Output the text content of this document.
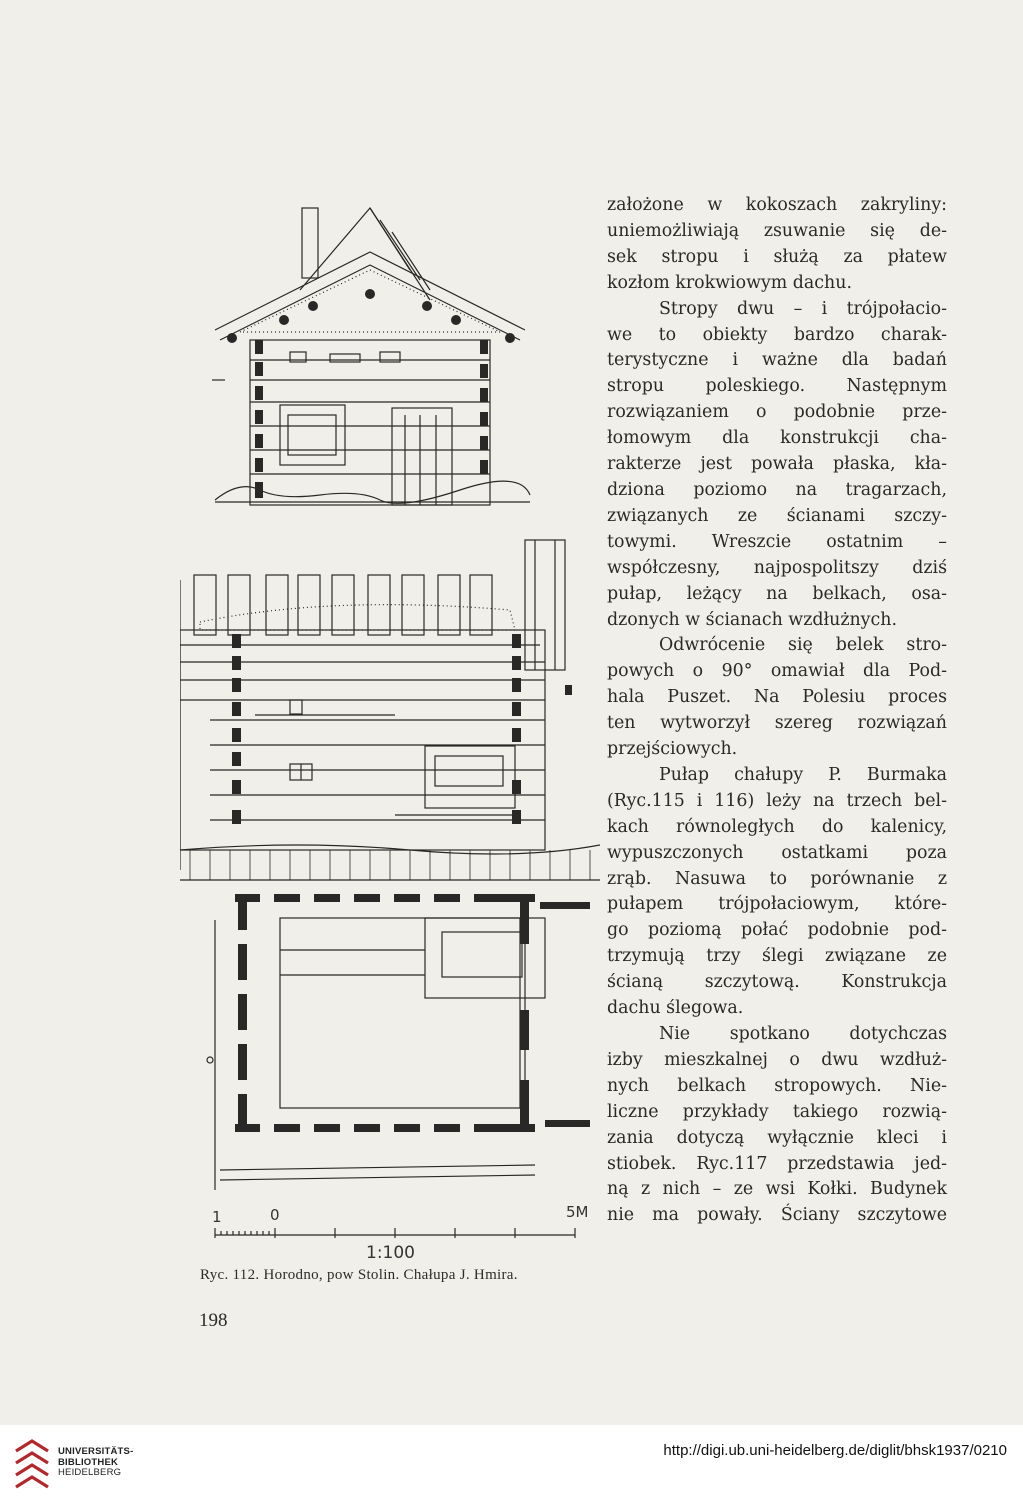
1	0	5M
1:100
Ryc. 112. Horodno, pow Stolin. Chałupa J. Hmira.
założone w kokoszach zakryliny:
uniemożliwiają zsuwanie się de-
sek stropu i służą za płatew
kozłom krokwiowym dachu.
Stropy dwu – i trójpołacio-
we to obiekty bardzo charak-
terystyczne i ważne dla badań
stropu poleskiego. Następnym
rozwiązaniem o podobnie prze-
łomowym dla konstrukcji cha-
rakterze jest powała płaska, kła-
dziona poziomo na tragarzach,
związanych ze ścianami szczy-
towymi. Wreszcie ostatnim –
współczesny, najpospolitszy dziś
pułap, leżący na belkach, osa-
dzonych w ścianach wzdłużnych.
Odwrócenie się belek stro-
powych o 90° omawiał dla Pod-
hala Puszet. Na Polesiu proces
ten wytworzył szereg rozwiązań
przejściowych.
Pułap chałupy P. Burmaka
(Ryc.115 i 116) leży na trzech bel-
kach równoległych do kalenicy,
wypuszczonych ostatkami poza
zrąb. Nasuwa to porównanie z
pułapem trójpołaciowym, które-
go poziomą połać podobnie pod-
trzymują trzy ślegi związane ze
ścianą szczytową. Konstrukcja
dachu ślegowa.
Nie spotkano dotychczas
izby mieszkalnej o dwu wzdłuż-
nych belkach stropowych. Nie-
liczne przykłady takiego rozwią-
zania dotyczą wyłącznie kleci i
stiobek. Ryc.117 przedstawia jed-
ną z nich – ze wsi Kołki. Budynek
nie ma powały. Ściany szczytowe
198
UNIVERSITÄTS-
BIBLIOTHEK
HEIDELBERG
http://digi.ub.uni-heidelberg.de/diglit/bhsk1937/0210
